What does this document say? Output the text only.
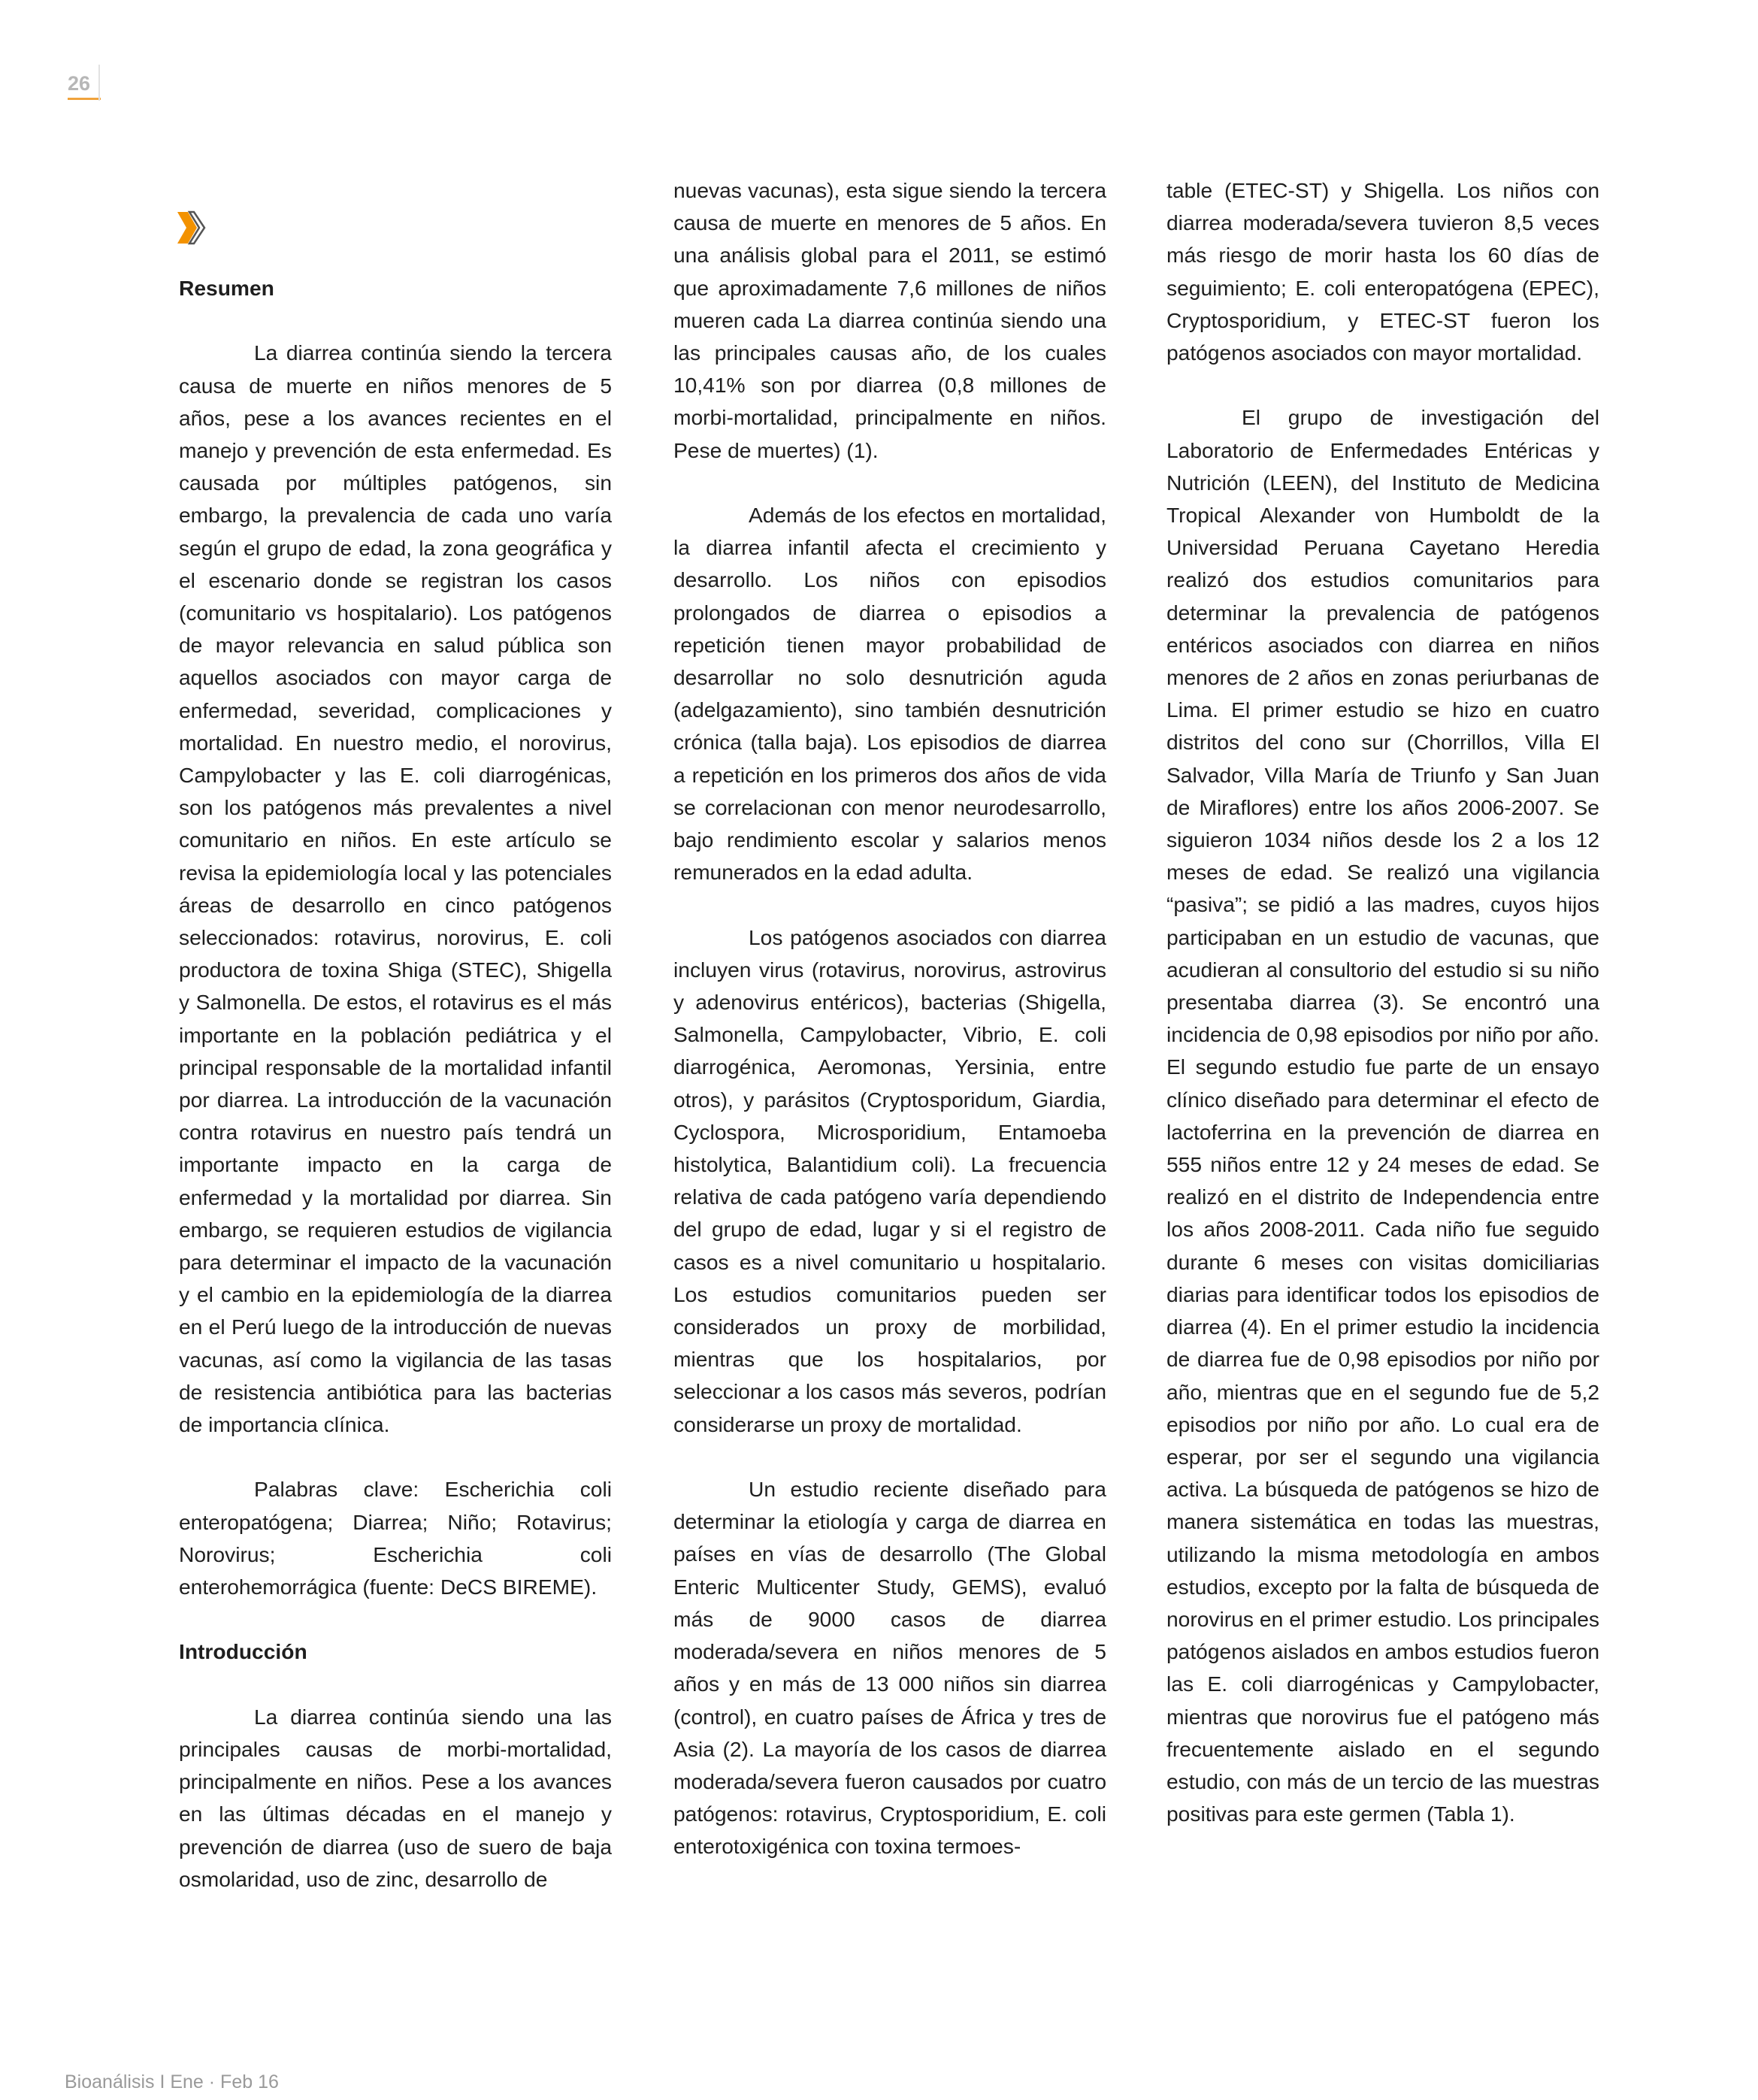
26
Resumen

La diarrea continúa siendo la tercera causa de muerte en niños menores de 5 años, pese a los avances recientes en el manejo y prevención de esta enfermedad. Es causada por múltiples patógenos, sin embargo, la prevalencia de cada uno varía según el grupo de edad, la zona geográfica y el escenario donde se registran los casos (comunitario vs hospitalario). Los patógenos de mayor relevancia en salud pública son aquellos asociados con mayor carga de enfermedad, severidad, complicaciones y mortalidad. En nuestro medio, el norovirus, Campylobacter y las E. coli diarrogénicas, son los patógenos más prevalentes a nivel comunitario en niños. En este artículo se revisa la epidemiología local y las potenciales áreas de desarrollo en cinco patógenos seleccionados: rotavirus, norovirus, E. coli productora de toxina Shiga (STEC), Shigella y Salmonella. De estos, el rotavirus es el más importante en la población pediátrica y el principal responsable de la mortalidad infantil por diarrea. La introducción de la vacunación contra rotavirus en nuestro país tendrá un importante impacto en la carga de enfermedad y la mortalidad por diarrea. Sin embargo, se requieren estudios de vigilancia para determinar el impacto de la vacunación y el cambio en la epidemiología de la diarrea en el Perú luego de la introducción de nuevas vacunas, así como la vigilancia de las tasas de resistencia antibiótica para las bacterias de importancia clínica.

Palabras clave: Escherichia coli enteropatógena; Diarrea; Niño; Rotavirus; Norovirus; Escherichia coli enterohemorrágica (fuente: DeCS BIREME).

Introducción

La diarrea continúa siendo una las principales causas de morbi-mortalidad, principalmente en niños. Pese a los avances en las últimas décadas en el manejo y prevención de diarrea (uso de suero de baja osmolaridad, uso de zinc, desarrollo de

nuevas vacunas), esta sigue siendo la tercera causa de muerte en menores de 5 años. En una análisis global para el 2011, se estimó que aproximadamente 7,6 millones de niños mueren cada La diarrea continúa siendo una las principales causas año, de los cuales 10,41% son por diarrea (0,8 millones de morbi-mortalidad, principalmente en niños. Pese de muertes) (1).

Además de los efectos en mortalidad, la diarrea infantil afecta el crecimiento y desarrollo. Los niños con episodios prolongados de diarrea o episodios a repetición tienen mayor probabilidad de desarrollar no solo desnutrición aguda (adelgazamiento), sino también desnutrición crónica (talla baja). Los episodios de diarrea a repetición en los primeros dos años de vida se correlacionan con menor neurodesarrollo, bajo rendimiento escolar y salarios menos remunerados en la edad adulta.

Los patógenos asociados con diarrea incluyen virus (rotavirus, norovirus, astrovirus y adenovirus entéricos), bacterias (Shigella, Salmonella, Campylobacter, Vibrio, E. coli diarrogénica, Aeromonas, Yersinia, entre otros), y parásitos (Cryptosporidum, Giardia, Cyclospora, Microsporidium, Entamoeba histolytica, Balantidium coli). La frecuencia relativa de cada patógeno varía dependiendo del grupo de edad, lugar y si el registro de casos es a nivel comunitario u hospitalario. Los estudios comunitarios pueden ser considerados un proxy de morbilidad, mientras que los hospitalarios, por seleccionar a los casos más severos, podrían considerarse un proxy de mortalidad.

Un estudio reciente diseñado para determinar la etiología y carga de diarrea en países en vías de desarrollo (The Global Enteric Multicenter Study, GEMS), evaluó más de 9000 casos de diarrea moderada/severa en niños menores de 5 años y en más de 13 000 niños sin diarrea (control), en cuatro países de África y tres de Asia (2). La mayoría de los casos de diarrea moderada/severa fueron causados por cuatro patógenos: rotavirus, Cryptosporidium, E. coli enterotoxigénica con toxina termoes-

table (ETEC-ST) y Shigella. Los niños con diarrea moderada/severa tuvieron 8,5 veces más riesgo de morir hasta los 60 días de seguimiento; E. coli enteropatógena (EPEC), Cryptosporidium, y ETEC-ST fueron los patógenos asociados con mayor mortalidad.

El grupo de investigación del Laboratorio de Enfermedades Entéricas y Nutrición (LEEN), del Instituto de Medicina Tropical Alexander von Humboldt de la Universidad Peruana Cayetano Heredia realizó dos estudios comunitarios para determinar la prevalencia de patógenos entéricos asociados con diarrea en niños menores de 2 años en zonas periurbanas de Lima. El primer estudio se hizo en cuatro distritos del cono sur (Chorrillos, Villa El Salvador, Villa María de Triunfo y San Juan de Miraflores) entre los años 2006-2007. Se siguieron 1034 niños desde los 2 a los 12 meses de edad. Se realizó una vigilancia “pasiva”; se pidió a las madres, cuyos hijos participaban en un estudio de vacunas, que acudieran al consultorio del estudio si su niño presentaba diarrea (3). Se encontró una incidencia de 0,98 episodios por niño por año. El segundo estudio fue parte de un ensayo clínico diseñado para determinar el efecto de lactoferrina en la prevención de diarrea en 555 niños entre 12 y 24 meses de edad. Se realizó en el distrito de Independencia entre los años 2008-2011. Cada niño fue seguido durante 6 meses con visitas domiciliarias diarias para identificar todos los episodios de diarrea (4). En el primer estudio la incidencia de diarrea fue de 0,98 episodios por niño por año, mientras que en el segundo fue de 5,2 episodios por niño por año. Lo cual era de esperar, por ser el segundo una vigilancia activa. La búsqueda de patógenos se hizo de manera sistemática en todas las muestras, utilizando la misma metodología en ambos estudios, excepto por la falta de búsqueda de norovirus en el primer estudio. Los principales patógenos aislados en ambos estudios fueron las E. coli diarrogénicas y Campylobacter, mientras que norovirus fue el patógeno más frecuentemente aislado en el segundo estudio, con más de un tercio de las muestras positivas para este germen (Tabla 1).

Bioanálisis I Ene · Feb 16
